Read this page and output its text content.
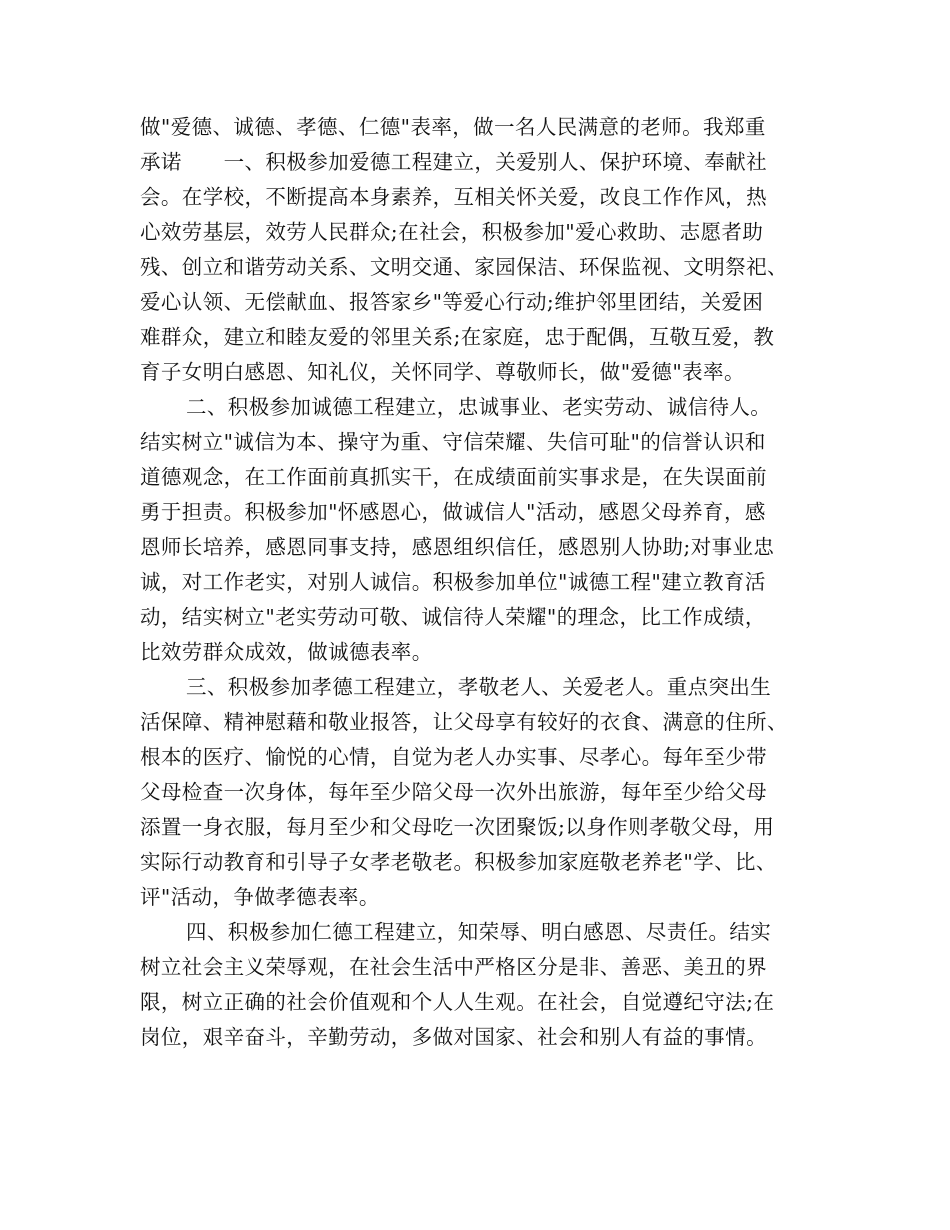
做"爱德、诚德、孝德、仁德"表率，做一名人民满意的老师。我郑重
承诺　　一、积极参加爱德工程建立，关爱别人、保护环境、奉献社
会。在学校，不断提高本身素养，互相关怀关爱，改良工作作风，热
心效劳基层，效劳人民群众;在社会，积极参加"爱心救助、志愿者助
残、创立和谐劳动关系、文明交通、家园保洁、环保监视、文明祭祀、
爱心认领、无偿献血、报答家乡"等爱心行动;维护邻里团结，关爱困
难群众，建立和睦友爱的邻里关系;在家庭，忠于配偶，互敬互爱，教
育子女明白感恩、知礼仪，关怀同学、尊敬师长，做"爱德"表率。
二、积极参加诚德工程建立，忠诚事业、老实劳动、诚信待人。
结实树立"诚信为本、操守为重、守信荣耀、失信可耻"的信誉认识和
道德观念，在工作面前真抓实干，在成绩面前实事求是，在失误面前
勇于担责。积极参加"怀感恩心，做诚信人"活动，感恩父母养育，感
恩师长培养，感恩同事支持，感恩组织信任，感恩别人协助;对事业忠
诚，对工作老实，对别人诚信。积极参加单位"诚德工程"建立教育活
动，结实树立"老实劳动可敬、诚信待人荣耀"的理念，比工作成绩，
比效劳群众成效，做诚德表率。
三、积极参加孝德工程建立，孝敬老人、关爱老人。重点突出生
活保障、精神慰藉和敬业报答，让父母享有较好的衣食、满意的住所、
根本的医疗、愉悦的心情，自觉为老人办实事、尽孝心。每年至少带
父母检查一次身体，每年至少陪父母一次外出旅游，每年至少给父母
添置一身衣服，每月至少和父母吃一次团聚饭;以身作则孝敬父母，用
实际行动教育和引导子女孝老敬老。积极参加家庭敬老养老"学、比、
评"活动，争做孝德表率。
四、积极参加仁德工程建立，知荣辱、明白感恩、尽责任。结实
树立社会主义荣辱观，在社会生活中严格区分是非、善恶、美丑的界
限，树立正确的社会价值观和个人人生观。在社会，自觉遵纪守法;在
岗位，艰辛奋斗，辛勤劳动，多做对国家、社会和别人有益的事情。
